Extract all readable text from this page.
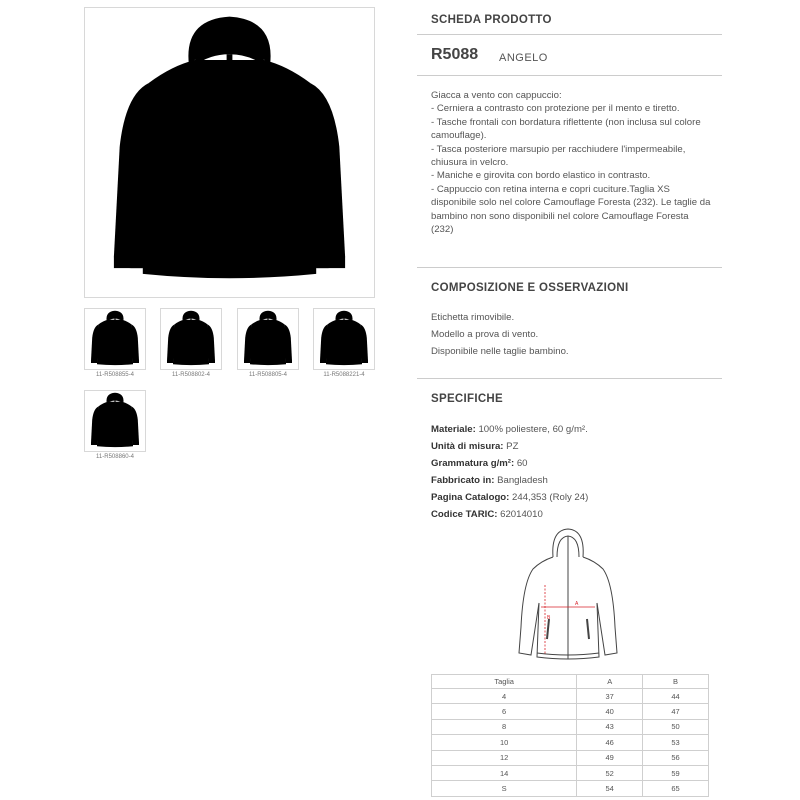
11-R508855-4	11-R508802-4	11-R508805-4	11-R5088221-4
11-R508860-4
SCHEDA PRODOTTO
R5088 ANGELO
Giacca a vento con cappuccio:
- Cerniera a contrasto con protezione per il mento e tiretto.
- Tasche frontali con bordatura riflettente (non inclusa sul colore camouflage).
- Tasca posteriore marsupio per racchiudere l'impermeabile, chiusura in velcro.
- Maniche e girovita con bordo elastico in contrasto.
- Cappuccio con retina interna e copri cuciture.Taglia XS disponibile solo nel colore Camouflage Foresta (232). Le taglie da bambino non sono disponibili nel colore Camouflage Foresta (232)
COMPOSIZIONE E OSSERVAZIONI
Etichetta rimovibile.
Modello a prova di vento.
Disponibile nelle taglie bambino.
SPECIFICHE
Materiale: 100% poliestere, 60 g/m².
Unità di misura: PZ
Grammatura g/m²: 60
Fabbricato in: Bangladesh
Pagina Catalogo: 244,353 (Roly 24)
Codice TARIC: 62014010
A
B
Taglia	A	B
4	37	44
6	40	47
8	43	50
10	46	53
12	49	56
14	52	59
S	54	65
